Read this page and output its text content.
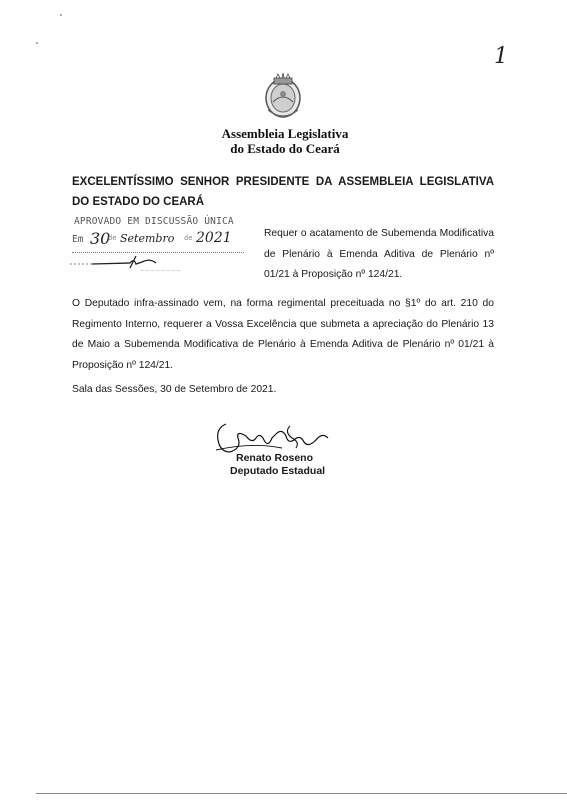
1
Assembleia Legislativa
do Estado do Ceará
EXCELENTÍSSIMO SENHOR PRESIDENTE DA ASSEMBLEIA LEGISLATIVA DO ESTADO DO CEARÁ
APROVADO EM DISCUSSÃO ÚNICA
Em 30
de Setembro de 2021
~~~~~~~~
Requer o acatamento de Subemenda Modificativa de Plenário à Emenda Aditiva de Plenário nº 01/21 à Proposição nº 124/21.
O Deputado infra-assinado vem, na forma regimental preceituada no §1º do art. 210 do Regimento Interno, requerer a Vossa Excelência que submeta a apreciação do Plenário 13 de Maio a Subemenda Modificativa de Plenário à Emenda Aditiva de Plenário nº 01/21 à Proposição nº 124/21.
Sala das Sessões, 30 de Setembro de 2021.
Renato Roseno
Deputado Estadual
